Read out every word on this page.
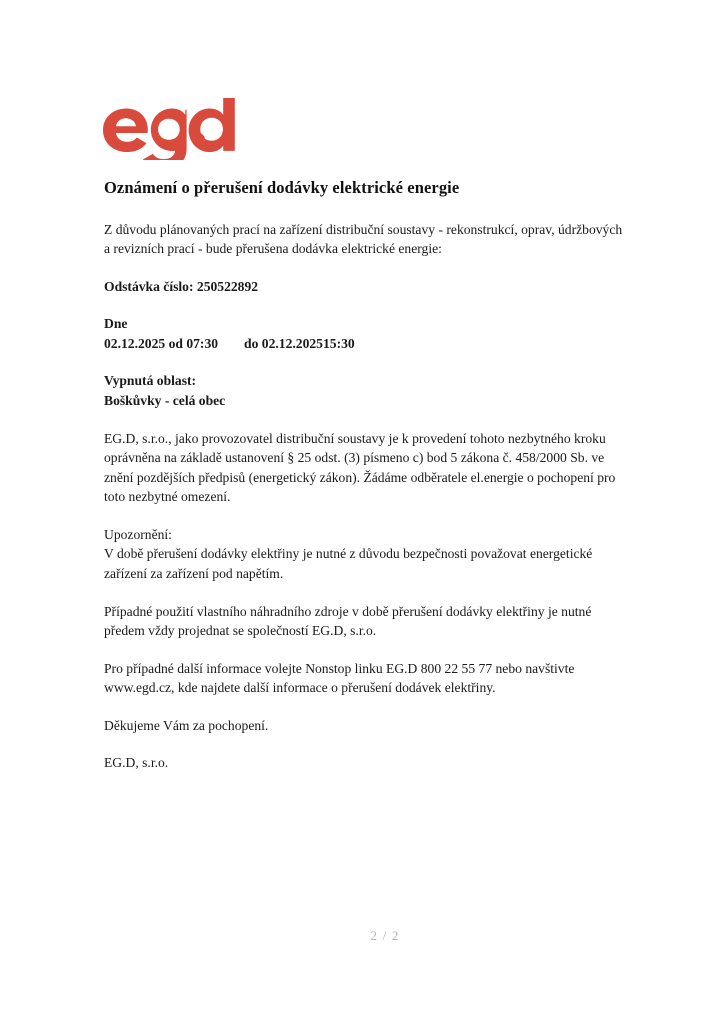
Oznámení o přerušení dodávky elektrické energie

Z důvodu plánovaných prací na zařízení distribuční soustavy - rekonstrukcí, oprav, údržbových a revizních prací - bude přerušena dodávka elektrické energie:

Odstávka číslo: 250522892

Dne
02.12.2025 od 07:30 do 02.12.202515:30
Vypnutá oblast:
Boškůvky - celá obec

EG.D, s.r.o., jako provozovatel distribuční soustavy je k provedení tohoto nezbytného kroku oprávněna na základě ustanovení § 25 odst. (3) písmeno c) bod 5 zákona č. 458/2000 Sb. ve znění pozdějších předpisů (energetický zákon). Žádáme odběratele el.energie o pochopení pro toto nezbytné omezení.

Upozornění:
V době přerušení dodávky elektřiny je nutné z důvodu bezpečnosti považovat energetické zařízení za zařízení pod napětím.

Případné použití vlastního náhradního zdroje v době přerušení dodávky elektřiny je nutné předem vždy projednat se společností EG.D, s.r.o.

Pro případné další informace volejte Nonstop linku EG.D 800 22 55 77 nebo navštivte www.egd.cz, kde najdete další informace o přerušení dodávek elektřiny.

Děkujeme Vám za pochopení.

EG.D, s.r.o.

2 / 2
